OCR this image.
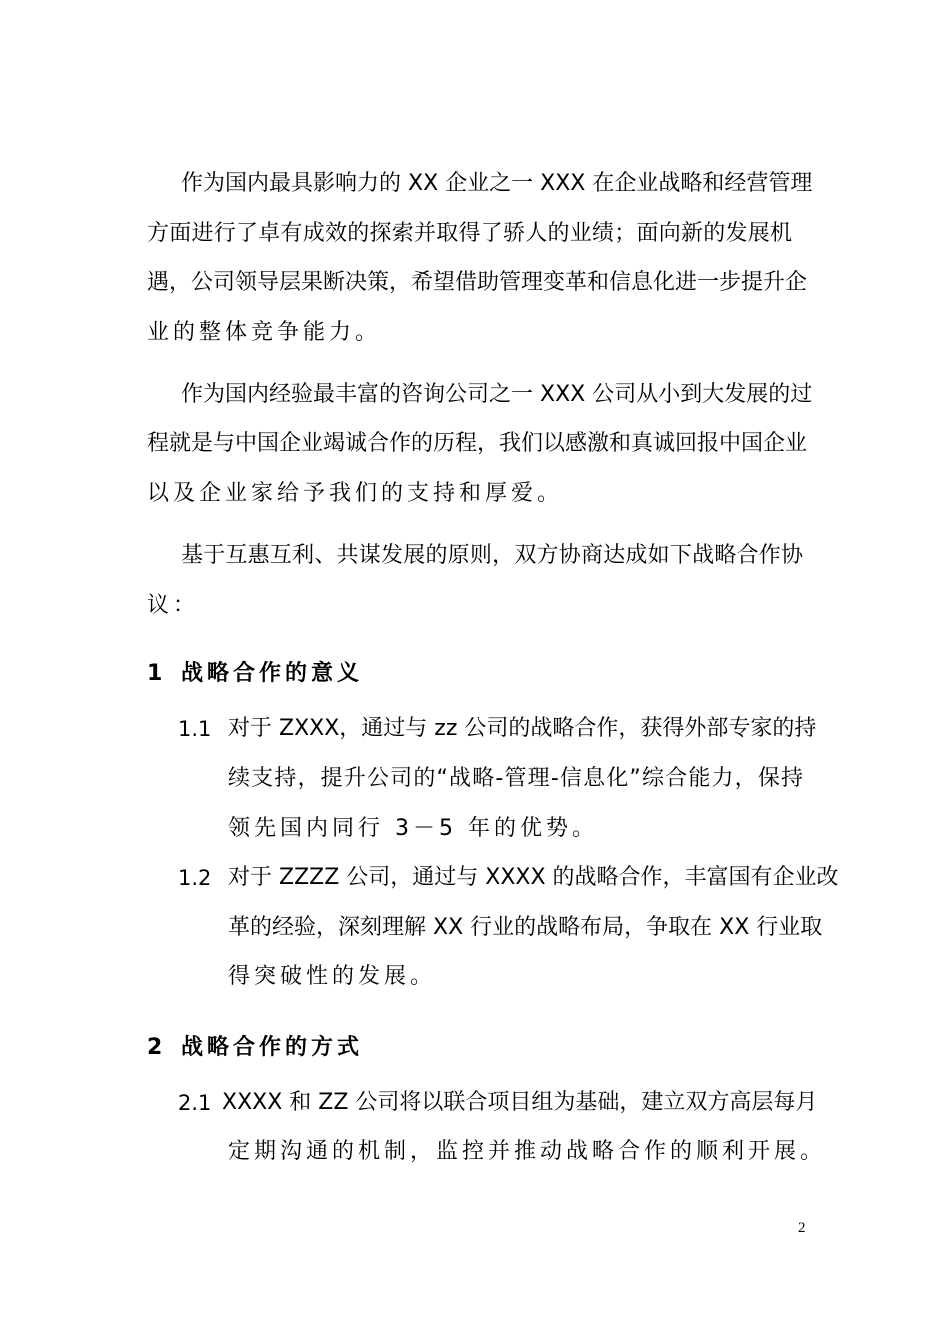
作为国内最具影响力的 XX 企业之一 XXX 在企业战略和经营管理
方面进行了卓有成效的探索并取得了骄人的业绩；面向新的发展机
遇，公司领导层果断决策，希望借助管理变革和信息化进一步提升企
业的整体竞争能力。
作为国内经验最丰富的咨询公司之一 XXX 公司从小到大发展的过
程就是与中国企业竭诚合作的历程，我们以感激和真诚回报中国企业
以及企业家给予我们的支持和厚爱。
基于互惠互利、共谋发展的原则，双方协商达成如下战略合作协
议：
1 战略合作的意义
1.1 对于 ZXXX，通过与 zz 公司的战略合作，获得外部专家的持
续支持，提升公司的“战略-管理-信息化”综合能力，保持
领先国内同行 3－5 年的优势。
1.2 对于 ZZZZ 公司，通过与 XXXX 的战略合作，丰富国有企业改
革的经验，深刻理解 XX 行业的战略布局，争取在 XX 行业取
得突破性的发展。
2 战略合作的方式
2.1 XXXX 和 ZZ 公司将以联合项目组为基础，建立双方高层每月
定期沟通的机制，监控并推动战略合作的顺利开展。
2
